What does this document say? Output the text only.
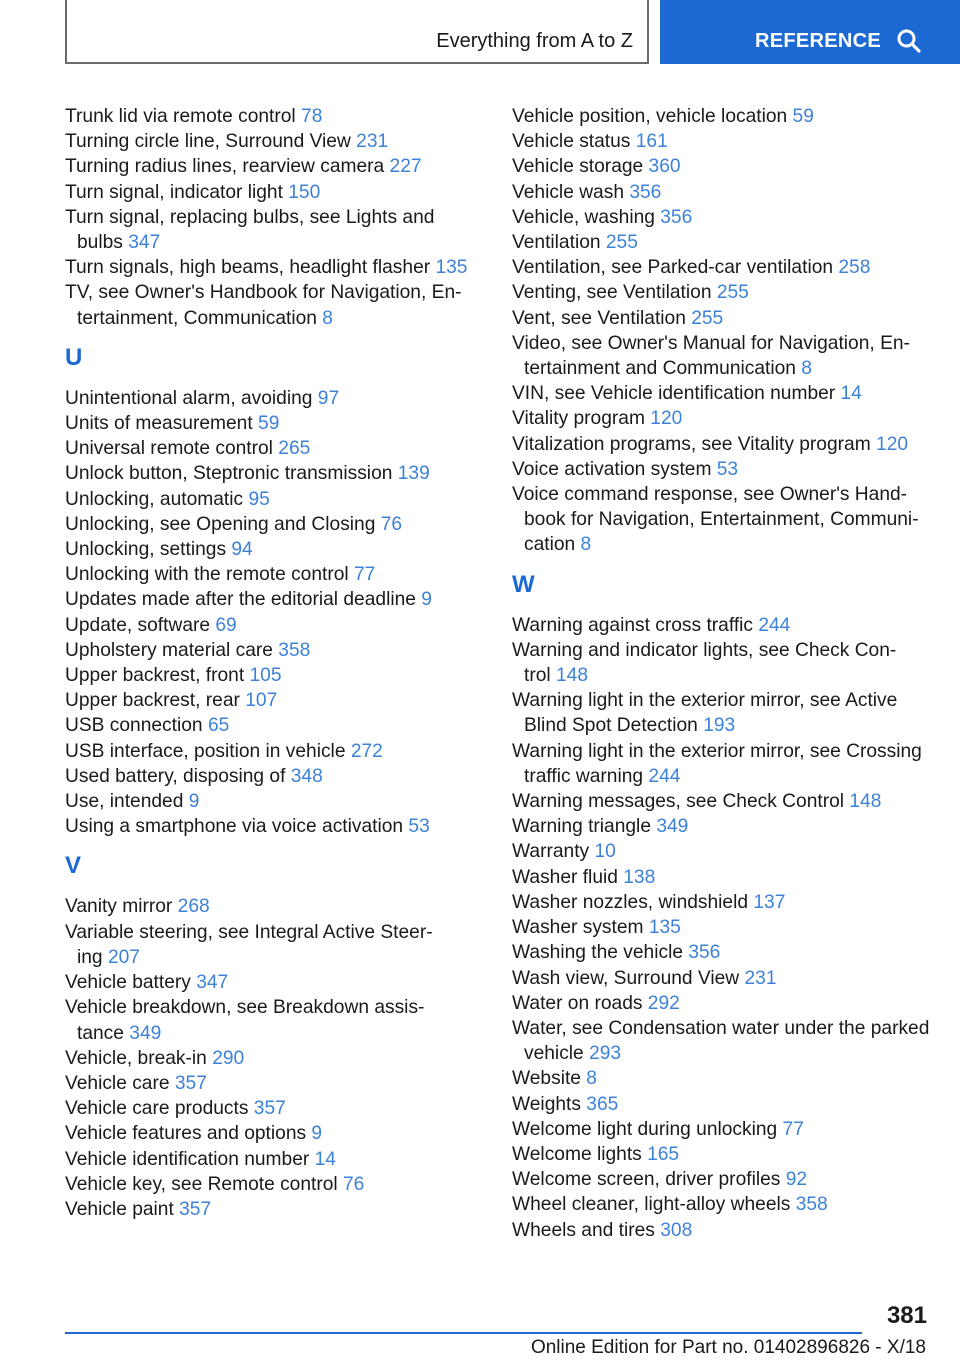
Everything from A to Z	REFERENCE
Trunk lid via remote control 78
Turning circle line, Surround View 231
Turning radius lines, rearview camera 227
Turn signal, indicator light 150
Turn signal, replacing bulbs, see Lights and
bulbs 347
Turn signals, high beams, headlight flasher 135
TV, see Owner's Handbook for Navigation, En-
tertainment, Communication 8
U
Unintentional alarm, avoiding 97
Units of measurement 59
Universal remote control 265
Unlock button, Steptronic transmission 139
Unlocking, automatic 95
Unlocking, see Opening and Closing 76
Unlocking, settings 94
Unlocking with the remote control 77
Updates made after the editorial deadline 9
Update, software 69
Upholstery material care 358
Upper backrest, front 105
Upper backrest, rear 107
USB connection 65
USB interface, position in vehicle 272
Used battery, disposing of 348
Use, intended 9
Using a smartphone via voice activation 53
V
Vanity mirror 268
Variable steering, see Integral Active Steer-
ing 207
Vehicle battery 347
Vehicle breakdown, see Breakdown assis-
tance 349
Vehicle, break-in 290
Vehicle care 357
Vehicle care products 357
Vehicle features and options 9
Vehicle identification number 14
Vehicle key, see Remote control 76
Vehicle paint 357
Vehicle position, vehicle location 59
Vehicle status 161
Vehicle storage 360
Vehicle wash 356
Vehicle, washing 356
Ventilation 255
Ventilation, see Parked-car ventilation 258
Venting, see Ventilation 255
Vent, see Ventilation 255
Video, see Owner's Manual for Navigation, En-
tertainment and Communication 8
VIN, see Vehicle identification number 14
Vitality program 120
Vitalization programs, see Vitality program 120
Voice activation system 53
Voice command response, see Owner's Hand-
book for Navigation, Entertainment, Communi-
cation 8
W
Warning against cross traffic 244
Warning and indicator lights, see Check Con-
trol 148
Warning light in the exterior mirror, see Active
Blind Spot Detection 193
Warning light in the exterior mirror, see Crossing
traffic warning 244
Warning messages, see Check Control 148
Warning triangle 349
Warranty 10
Washer fluid 138
Washer nozzles, windshield 137
Washer system 135
Washing the vehicle 356
Wash view, Surround View 231
Water on roads 292
Water, see Condensation water under the parked
vehicle 293
Website 8
Weights 365
Welcome light during unlocking 77
Welcome lights 165
Welcome screen, driver profiles 92
Wheel cleaner, light-alloy wheels 358
Wheels and tires 308
381
Online Edition for Part no. 01402896826 - X/18
